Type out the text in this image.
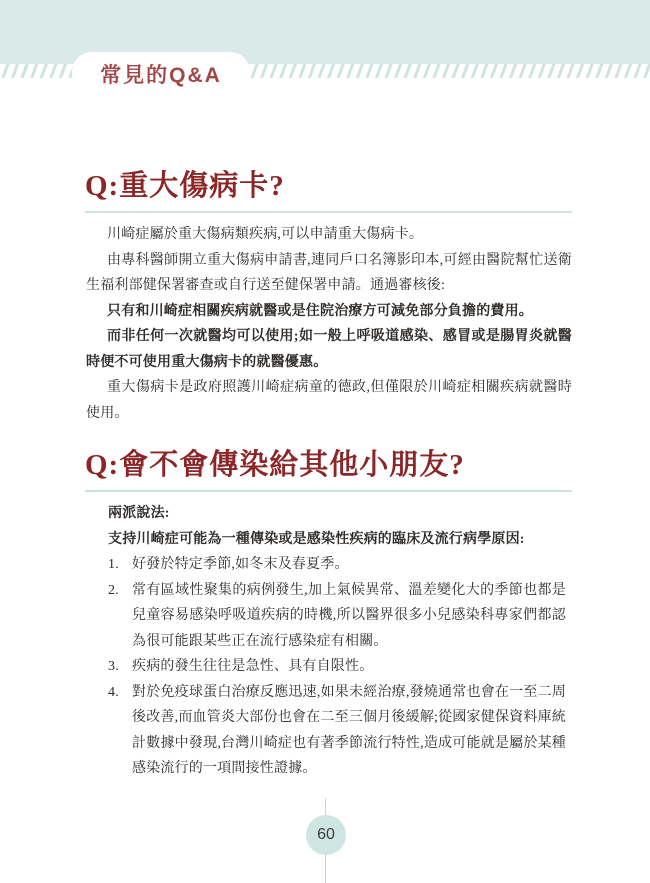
常見的Q&A
Q:重大傷病卡?

川崎症屬於重大傷病類疾病,可以申請重大傷病卡。

由專科醫師開立重大傷病申請書,連同戶口名簿影印本,可經由醫院幫忙送衛生福利部健保署審查或自行送至健保署申請。通過審核後:

只有和川崎症相關疾病就醫或是住院治療方可減免部分負擔的費用。

而非任何一次就醫均可以使用;如一般上呼吸道感染、感冒或是腸胃炎就醫時便不可使用重大傷病卡的就醫優惠。

重大傷病卡是政府照護川崎症病童的德政,但僅限於川崎症相關疾病就醫時使用。

Q:會不會傳染給其他小朋友?

兩派說法:

支持川崎症可能為一種傳染或是感染性疾病的臨床及流行病學原因:

1. 好發於特定季節,如冬末及春夏季。
2. 常有區域性聚集的病例發生,加上氣候異常、溫差變化大的季節也都是兒童容易感染呼吸道疾病的時機,所以醫界很多小兒感染科專家們都認為很可能跟某些正在流行感染症有相關。
3. 疾病的發生往往是急性、具有自限性。
4. 對於免疫球蛋白治療反應迅速,如果未經治療,發燒通常也會在一至二周後改善,而血管炎大部份也會在二至三個月後緩解;從國家健保資料庫統計數據中發現,台灣川崎症也有著季節流行特性,造成可能就是屬於某種感染流行的一項間接性證據。
60
